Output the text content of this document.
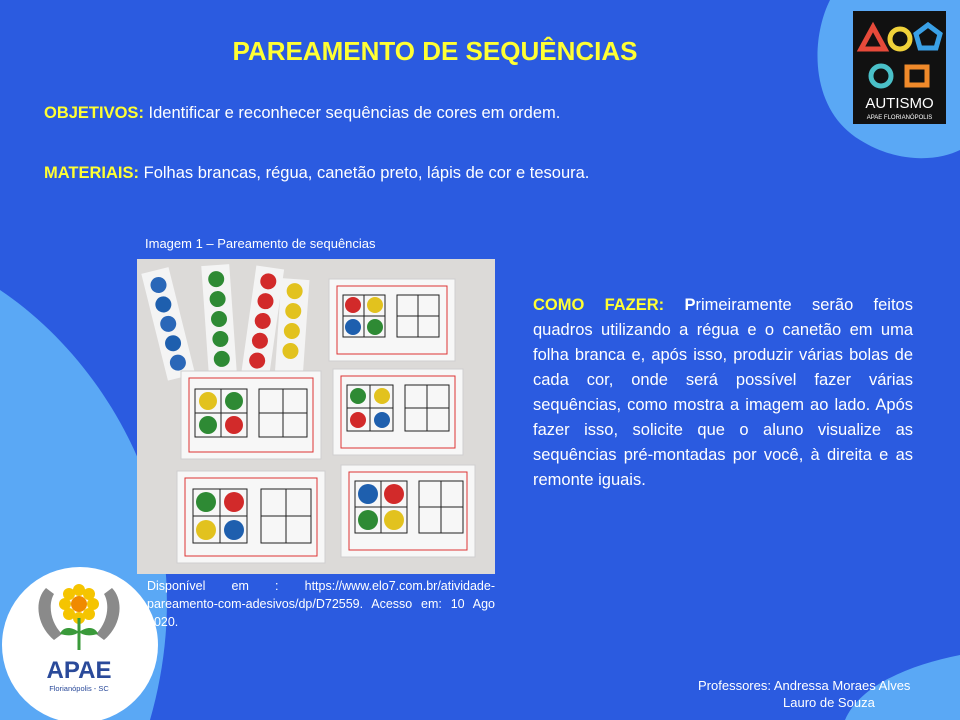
PAREAMENTO DE SEQUÊNCIAS
OBJETIVOS: Identificar e reconhecer sequências de cores em ordem.
MATERIAIS: Folhas brancas, régua, canetão preto, lápis de cor e tesoura.
Imagem 1 – Pareamento de sequências
Disponível em : https://www.elo7.com.br/atividade-pareamento-com-adesivos/dp/D72559. Acesso em: 10 Ago 2020.
COMO FAZER: Primeiramente serão feitos quadros utilizando a régua e o canetão em uma folha branca e, após isso, produzir várias bolas de cada cor, onde será possível fazer várias sequências, como mostra a imagem ao lado. Após fazer isso, solicite que o aluno visualize as sequências pré-montadas por você, à direita e as remonte iguais.
Professores: Andressa Moraes Alves
Lauro de Souza
AUTISMO
APAE FLORIANÓPOLIS
APAE
Florianópolis - SC
